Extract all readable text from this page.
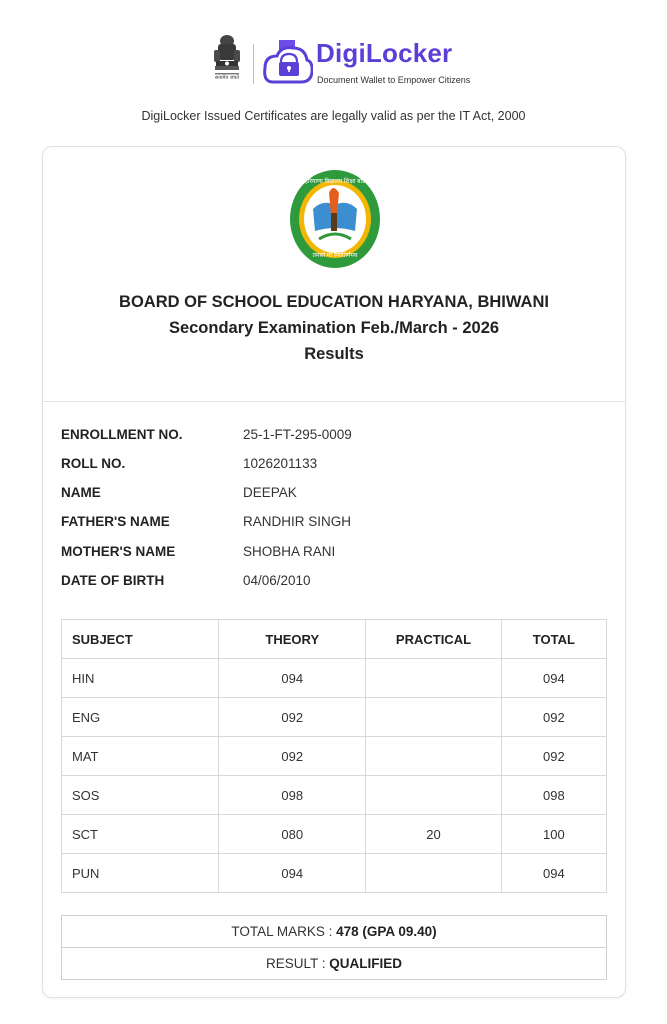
सत्यमेव जयते
DigiLocker
Document Wallet to Empower Citizens
DigiLocker Issued Certificates are legally valid as per the IT Act, 2000
हरियाणा विद्यालय शिक्षा बोर्ड
तमसो मा ज्योतिर्गमय
BOARD OF SCHOOL EDUCATION HARYANA, BHIWANI
Secondary Examination Feb./March - 2026
Results
ENROLLMENT NO.	25-1-FT-295-0009
ROLL NO.	1026201133
NAME	DEEPAK
FATHER'S NAME	RANDHIR SINGH
MOTHER'S NAME	SHOBHA RANI
DATE OF BIRTH	04/06/2010
SUBJECT	THEORY	PRACTICAL	TOTAL
HIN	094		094
ENG	092		092
MAT	092		092
SOS	098		098
SCT	080	20	100
PUN	094		094
TOTAL MARKS : 478 (GPA 09.40)
RESULT : QUALIFIED
